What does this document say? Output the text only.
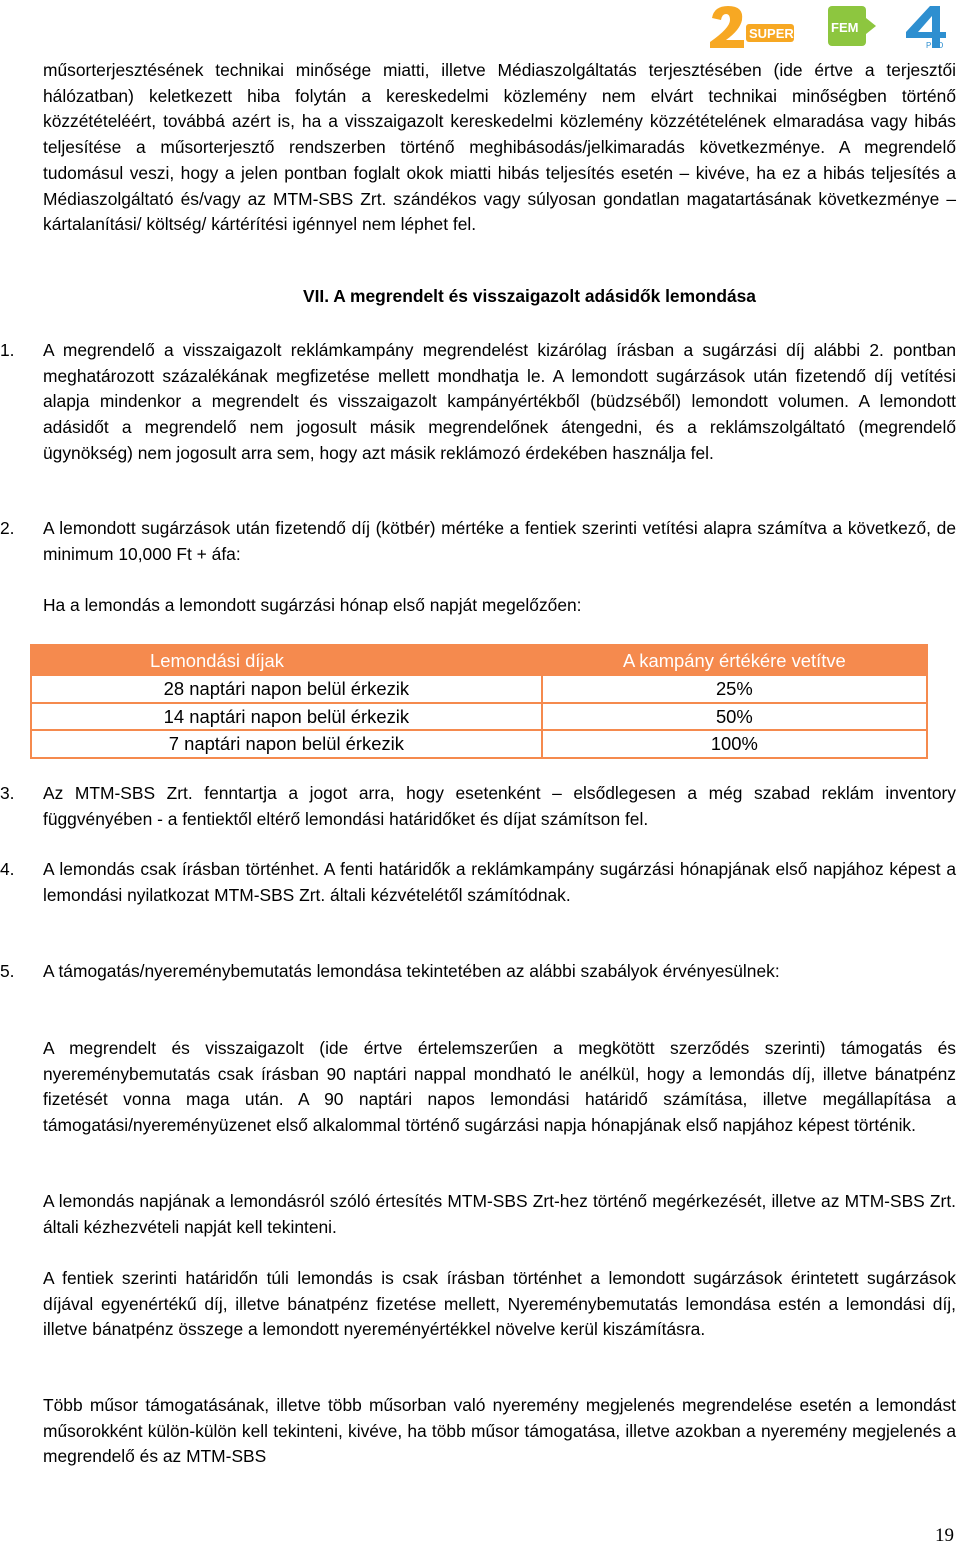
SUPER	FEM
PRO

műsorterjesztésének technikai minősége miatti, illetve Médiaszolgáltatás terjesztésében (ide értve a terjesztői hálózatban) keletkezett hiba folytán a kereskedelmi közlemény nem elvárt technikai minőségben történő közzétételéért, továbbá azért is, ha a visszaigazolt kereskedelmi közlemény közzétételének elmaradása vagy hibás teljesítése a műsorterjesztő rendszerben történő meghibásodás/jelkimaradás következménye. A megrendelő tudomásul veszi, hogy a jelen pontban foglalt okok miatti hibás teljesítés esetén – kivéve, ha ez a hibás teljesítés a Médiaszolgáltató és/vagy az MTM-SBS Zrt. szándékos vagy súlyosan gondatlan magatartásának következménye – kártalanítási/ költség/ kártérítési igénnyel nem léphet fel.

VII. A megrendelt és visszaigazolt adásidők lemondása

1. A megrendelő a visszaigazolt reklámkampány megrendelést kizárólag írásban a sugárzási díj alábbi 2. pontban meghatározott százalékának megfizetése mellett mondhatja le. A lemondott sugárzások után fizetendő díj vetítési alapja mindenkor a megrendelt és visszaigazolt kampányértékből (büdzséből) lemondott volumen. A lemondott adásidőt a megrendelő nem jogosult másik megrendelőnek átengedni, és a reklámszolgáltató (megrendelő ügynökség) nem jogosult arra sem, hogy azt másik reklámozó érdekében használja fel.

2. A lemondott sugárzások után fizetendő díj (kötbér) mértéke a fentiek szerinti vetítési alapra számítva a következő, de minimum 10,000 Ft + áfa:

Ha a lemondás a lemondott sugárzási hónap első napját megelőzően:

Lemondási díjak	A kampány értékére vetítve
28 naptári napon belül érkezik	25%
14 naptári napon belül érkezik	50%
7 naptári napon belül érkezik	100%

3. Az MTM-SBS Zrt. fenntartja a jogot arra, hogy esetenként – elsődlegesen a még szabad reklám inventory függvényében - a fentiektől eltérő lemondási határidőket és díjat számítson fel.

4. A lemondás csak írásban történhet. A fenti határidők a reklámkampány sugárzási hónapjának első napjához képest a lemondási nyilatkozat MTM-SBS Zrt. általi kézvételétől számítódnak.

5. A támogatás/nyereménybemutatás lemondása tekintetében az alábbi szabályok érvényesülnek:

A megrendelt és visszaigazolt (ide értve értelemszerűen a megkötött szerződés szerinti) támogatás és nyereménybemutatás csak írásban 90 naptári nappal mondható le anélkül, hogy a lemondás díj, illetve bánatpénz fizetését vonna maga után. A 90 naptári napos lemondási határidő számítása, illetve megállapítása a támogatási/nyereményüzenet első alkalommal történő sugárzási napja hónapjának első napjához képest történik.

A lemondás napjának a lemondásról szóló értesítés MTM-SBS Zrt-hez történő megérkezését, illetve az MTM-SBS Zrt. általi kézhezvételi napját kell tekinteni.

A fentiek szerinti határidőn túli lemondás is csak írásban történhet a lemondott sugárzások érintetett sugárzások díjával egyenértékű díj, illetve bánatpénz fizetése mellett, Nyereménybemutatás lemondása estén a lemondási díj, illetve bánatpénz összege a lemondott nyereményértékkel növelve kerül kiszámításra.

Több műsor támogatásának, illetve több műsorban való nyeremény megjelenés megrendelése esetén a lemondást műsorokként külön-külön kell tekinteni, kivéve, ha több műsor támogatása, illetve azokban a nyeremény megjelenés a megrendelő és az MTM-SBS

19
